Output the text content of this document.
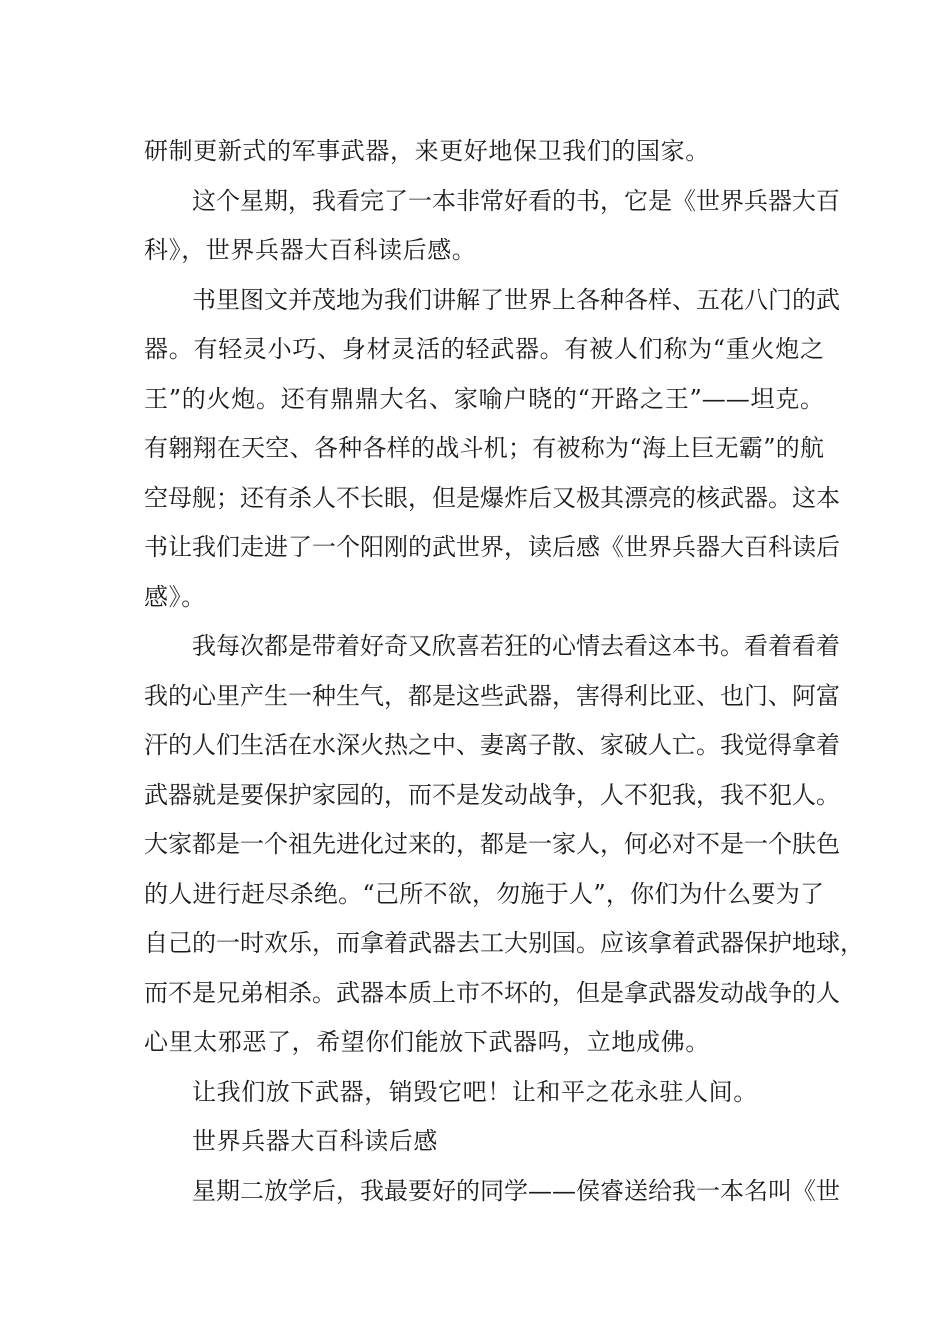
研制更新式的军事武器，来更好地保卫我们的国家。
这个星期，我看完了一本非常好看的书，它是《世界兵器大百
科》，世界兵器大百科读后感。
书里图文并茂地为我们讲解了世界上各种各样、五花八门的武
器。有轻灵小巧、身材灵活的轻武器。有被人们称为“重火炮之
王”的火炮。还有鼎鼎大名、家喻户晓的“开路之王”——坦克。
有翱翔在天空、各种各样的战斗机；有被称为“海上巨无霸”的航
空母舰；还有杀人不长眼，但是爆炸后又极其漂亮的核武器。这本
书让我们走进了一个阳刚的武世界，读后感《世界兵器大百科读后
感》。
我每次都是带着好奇又欣喜若狂的心情去看这本书。看着看着
我的心里产生一种生气，都是这些武器，害得利比亚、也门、阿富
汗的人们生活在水深火热之中、妻离子散、家破人亡。我觉得拿着
武器就是要保护家园的，而不是发动战争，人不犯我，我不犯人。
大家都是一个祖先进化过来的，都是一家人，何必对不是一个肤色
的人进行赶尽杀绝。“己所不欲，勿施于人”，你们为什么要为了
自己的一时欢乐，而拿着武器去工大别国。应该拿着武器保护地球，
而不是兄弟相杀。武器本质上市不坏的，但是拿武器发动战争的人
心里太邪恶了，希望你们能放下武器吗，立地成佛。
让我们放下武器，销毁它吧！让和平之花永驻人间。
世界兵器大百科读后感
星期二放学后，我最要好的同学——侯睿送给我一本名叫《世
